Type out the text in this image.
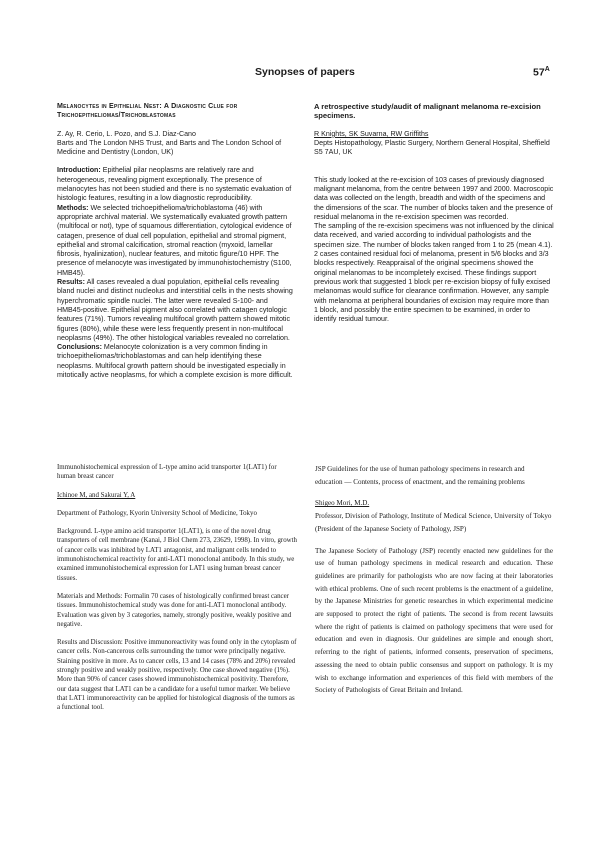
Synopses of papers	$57^A$

Melanocytes in Epithelial Nest: A Diagnostic Clue for Trichoepitheliomas/Trichoblastomas

Z. Ay, R. Cerio, L. Pozo, and S.J. Diaz-Cano

Barts and The London NHS Trust, and Barts and The London School of Medicine and Dentistry (London, UK)

Introduction: Epithelial pilar neoplasms are relatively rare and heterogeneous, revealing pigment exceptionally. The presence of melanocytes has not been studied and there is no systematic evaluation of histologic features, resulting in a low diagnostic reproducibility.

Methods: We selected trichoepithelioma/trichoblastoma (46) with appropriate archival material. We systematically evaluated growth pattern (multifocal or not), type of squamous differentiation, cytological evidence of catagen, presence of dual cell population, epithelial and stromal pigment, epithelial and stromal calcification, stromal reaction (myxoid, lamellar fibrosis, hyalinization), nuclear features, and mitotic figure/10 HPF. The presence of melanocyte was investigated by immunohistochemistry (S100, HMB45).

Results: All cases revealed a dual population, epithelial cells revealing bland nuclei and distinct nucleolus and interstitial cells in the nests showing hyperchromatic spindle nuclei. The latter were revealed S-100- and HMB45-positive. Epithelial pigment also correlated with catagen cytologic features (71%). Tumors revealing multifocal growth pattern showed mitotic figures (80%), while these were less frequently present in non-multifocal neoplasms (49%). The other histological variables revealed no correlation.

Conclusions: Melanocyte colonization is a very common finding in trichoepitheliomas/trichoblastomas and can help identifying these neoplasms. Multifocal growth pattern should be investigated especially in mitotically active neoplasms, for which a complete excision is more difficult.

A retrospective study/audit of malignant melanoma re-excision specimens.

R Knights, SK Suvarna, RW Griffiths

Depts Histopathology, Plastic Surgery, Northern General Hospital, Sheffield S5 7AU, UK

This study looked at the re-excision of 103 cases of previously diagnosed malignant melanoma, from the centre between 1997 and 2000. Macroscopic data was collected on the length, breadth and width of the specimens and the dimensions of the scar. The number of blocks taken and the presence of residual melanoma in the re-excision specimen was recorded.

The sampling of the re-excision specimens was not influenced by the clinical data received, and varied according to individual pathologists and the specimen size. The number of blocks taken ranged from 1 to 25 (mean 4.1). 2 cases contained residual foci of melanoma, present in 5/6 blocks and 3/3 blocks respectively. Reappraisal of the original specimens showed the original melanomas to be incompletely excised. These findings support previous work that suggested 1 block per re-excision biopsy of fully excised melanomas would suffice for clearance confirmation. However, any sample with melanoma at peripheral boundaries of excision may require more than 1 block, and possibly the entire specimen to be examined, in order to identify residual tumour.

Immunohistochemical expression of L-type amino acid transporter 1(LAT1) for human breast cancer

Ichinoe M, and Sakurai Y, A

Department of Pathology, Kyorin University School of Medicine, Tokyo

Background. L-type amino acid transporter 1(LAT1), is one of the novel drug transporters of cell membrane (Kanai, J Biol Chem 273, 23629, 1998). In vitro, growth of cancer cells was inhibited by LAT1 antagonist, and malignant cells tended to immunohistochemical reactivity for anti-LAT1 monoclonal antibody. In this study, we examined immunohistochemical expression for LAT1 using human breast cancer tissues.

Materials and Methods: Formalin 70 cases of histologically confirmed breast cancer tissues. Immunohistochemical study was done for anti-LAT1 monoclonal antibody. Evaluation was given by 3 categories, namely, strongly positive, weakly positive and negative.

Results and Discussion: Positive immunoreactivity was found only in the cytoplasm of cancer cells. Non-cancerous cells surrounding the tumor were principally negative. Staining positive in more. As to cancer cells, 13 and 14 cases (78% and 20%) revealed strongly positive and weakly positive, respectively. One case showed negative (1%). More than 90% of cancer cases showed immunohistochemical positivity. Therefore, our data suggest that LAT1 can be a candidate for a useful tumor marker. We believe that LAT1 immunoreactivity can be applied for histological diagnosis of the tumors as a functional tool.

JSP Guidelines for the use of human pathology specimens in research and education — Contents, process of enactment, and the remaining problems

Shigeo Mori, M.D.

Professor, Division of Pathology, Institute of Medical Science, University of Tokyo (President of the Japanese Society of Pathology, JSP)

The Japanese Society of Pathology (JSP) recently enacted new guidelines for the use of human pathology specimens in medical research and education. These guidelines are primarily for pathologists who are now facing at their laboratories with ethical problems. One of such recent problems is the enactment of a guideline, by the Japanese Ministries for genetic researches in which experimental medicine are supposed to protect the right of patients. The second is from recent lawsuits where the right of patients is claimed on pathology specimens that were used for education and even in diagnosis. Our guidelines are simple and enough short, referring to the right of patients, informed consents, preservation of specimens, assessing the need to obtain public consensus and support on pathology. It is my wish to exchange information and experiences of this field with members of the Society of Pathologists of Great Britain and Ireland.
